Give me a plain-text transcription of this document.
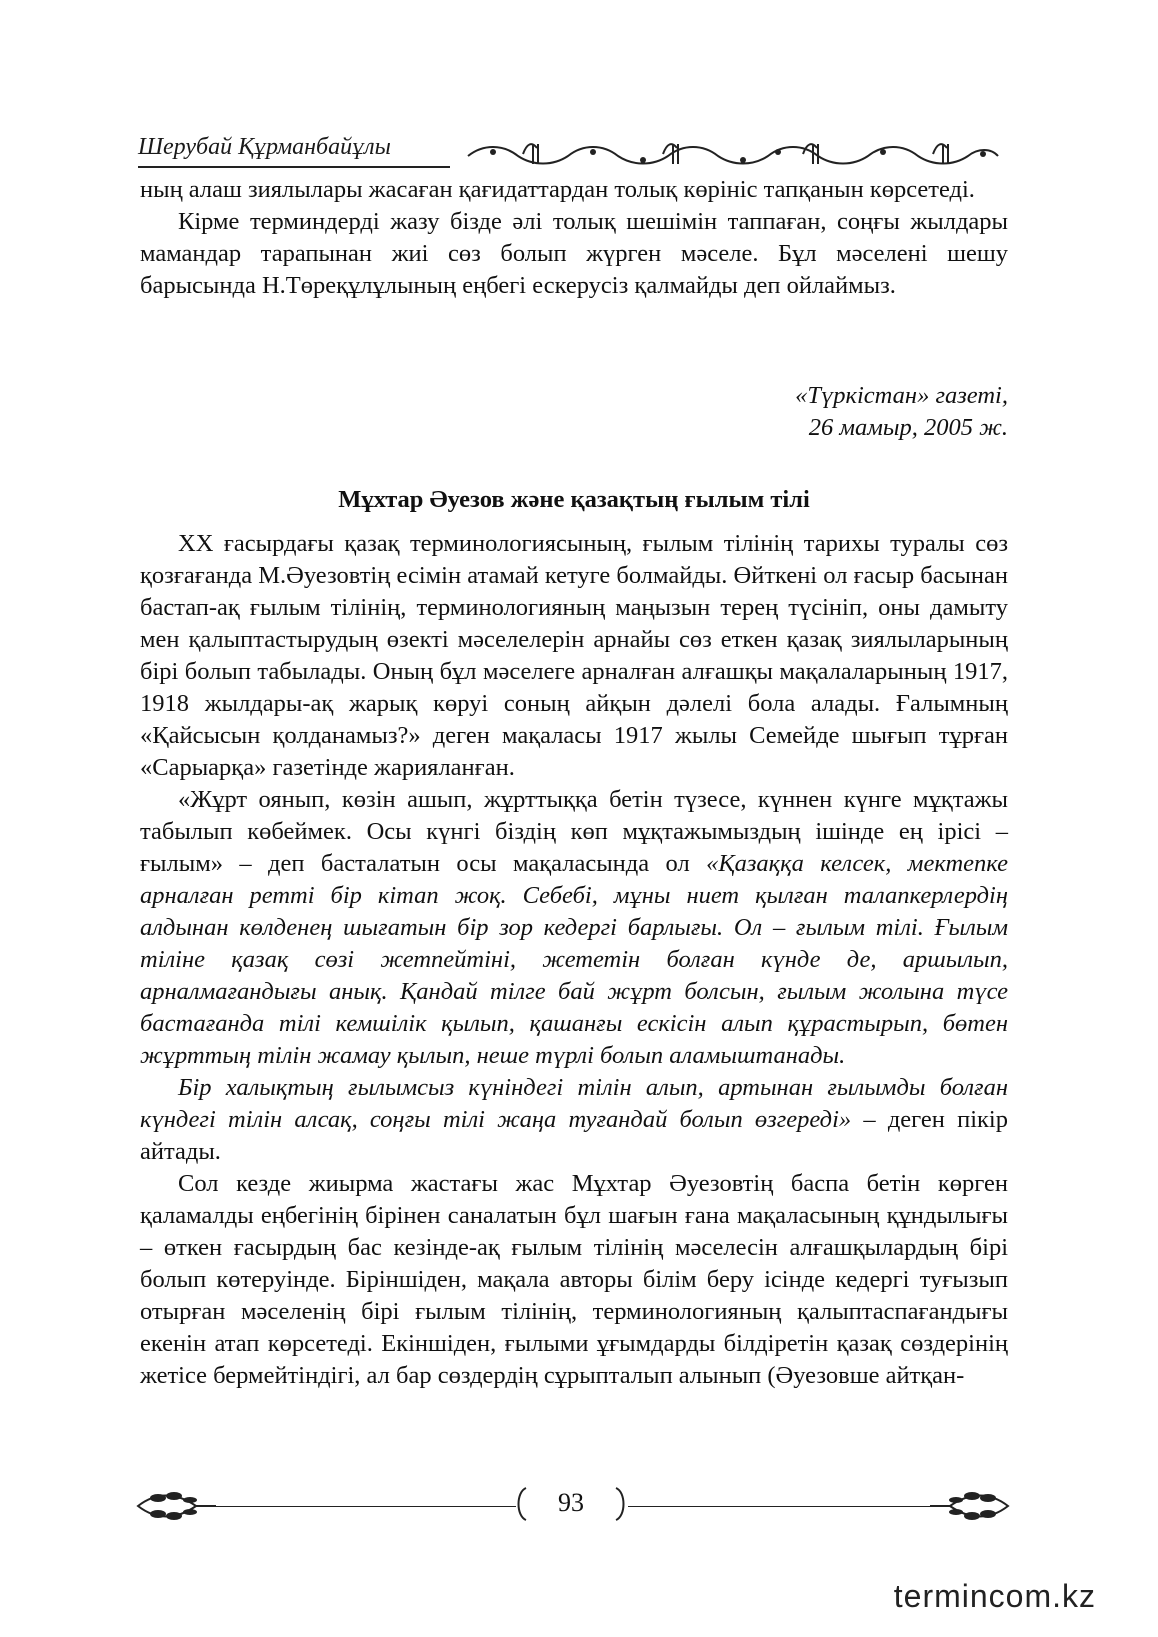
Шерубай Құрманбайұлы

ның алаш зиялылары жасаған қағидаттардан толық көрініс тапқанын көрсетеді.

Кірме терминдерді жазу бізде әлі толық шешімін таппаған, соңғы жылдары мамандар тарапынан жиі сөз болып жүрген мәселе. Бұл мәселені шешу барысында Н.Төреқұлұлының еңбегі ескерусіз қалмайды деп ойлаймыз.

«Түркістан» газеті,
26 мамыр, 2005 ж.
Мұхтар Әуезов және қазақтың ғылым тілі

XX ғасырдағы қазақ терминологиясының, ғылым тілінің тарихы туралы сөз қозғағанда М.Әуезовтің есімін атамай кетуге болмайды. Өйткені ол ғасыр басынан бастап-ақ ғылым тілінің, терминологияның маңызын терең түсініп, оны дамыту мен қалыптастырудың өзекті мәселелерін арнайы сөз еткен қазақ зиялыларының бірі болып табылады. Оның бұл мәселеге арналған алғашқы мақалаларының 1917, 1918 жылдары-ақ жарық көруі соның айқын дәлелі бола алады. Ғалымның «Қайсысын қолданамыз?» деген мақаласы 1917 жылы Семейде шығып тұрған «Сарыарқа» газетінде жарияланған.

«Жұрт оянып, көзін ашып, жұрттыққа бетін түзесе, күннен күнге мұқтажы табылып көбеймек. Осы күнгі біздің көп мұқтажымыздың ішінде ең ірісі – ғылым» – деп басталатын осы мақаласында ол «Қазаққа келсек, мектепке арналған ретті бір кітап жоқ. Себебі, мұны ниет қылған талапкерлердің алдынан көлденең шығатын бір зор кедергі барлығы. Ол – ғылым тілі. Ғылым тіліне қазақ сөзі жетпейтіні, жететін болған күнде де, аршылып, арналмағандығы анық. Қандай тілге бай жұрт болсын, ғылым жолына түсе бастағанда тілі кемшілік қылып, қашанғы ескісін алып құрастырып, бөтен жұрттың тілін жамау қылып, неше түрлі болып аламыштанады.

Бір халықтың ғылымсыз күніндегі тілін алып, артынан ғылымды болған күндегі тілін алсақ, соңғы тілі жаңа туғандай болып өзгереді» – деген пікір айтады.

Сол кезде жиырма жастағы жас Мұхтар Әуезовтің баспа бетін көрген қаламалды еңбегінің бірінен саналатын бұл шағын ғана мақаласының құндылығы – өткен ғасырдың бас кезінде-ақ ғылым тілінің мәселесін алғашқылардың бірі болып көтеруінде. Біріншіден, мақала авторы білім беру ісінде кедергі туғызып отырған мәселенің бірі ғылым тілінің, терминологияның қалыптаспағандығы екенін атап көрсетеді. Екіншіден, ғылыми ұғымдарды білдіретін қазақ сөздерінің жетісе бермейтіндігі, ал бар сөздердің сұрыпталып алынып (Әуезовше айтқан-

93
termincom.kz
